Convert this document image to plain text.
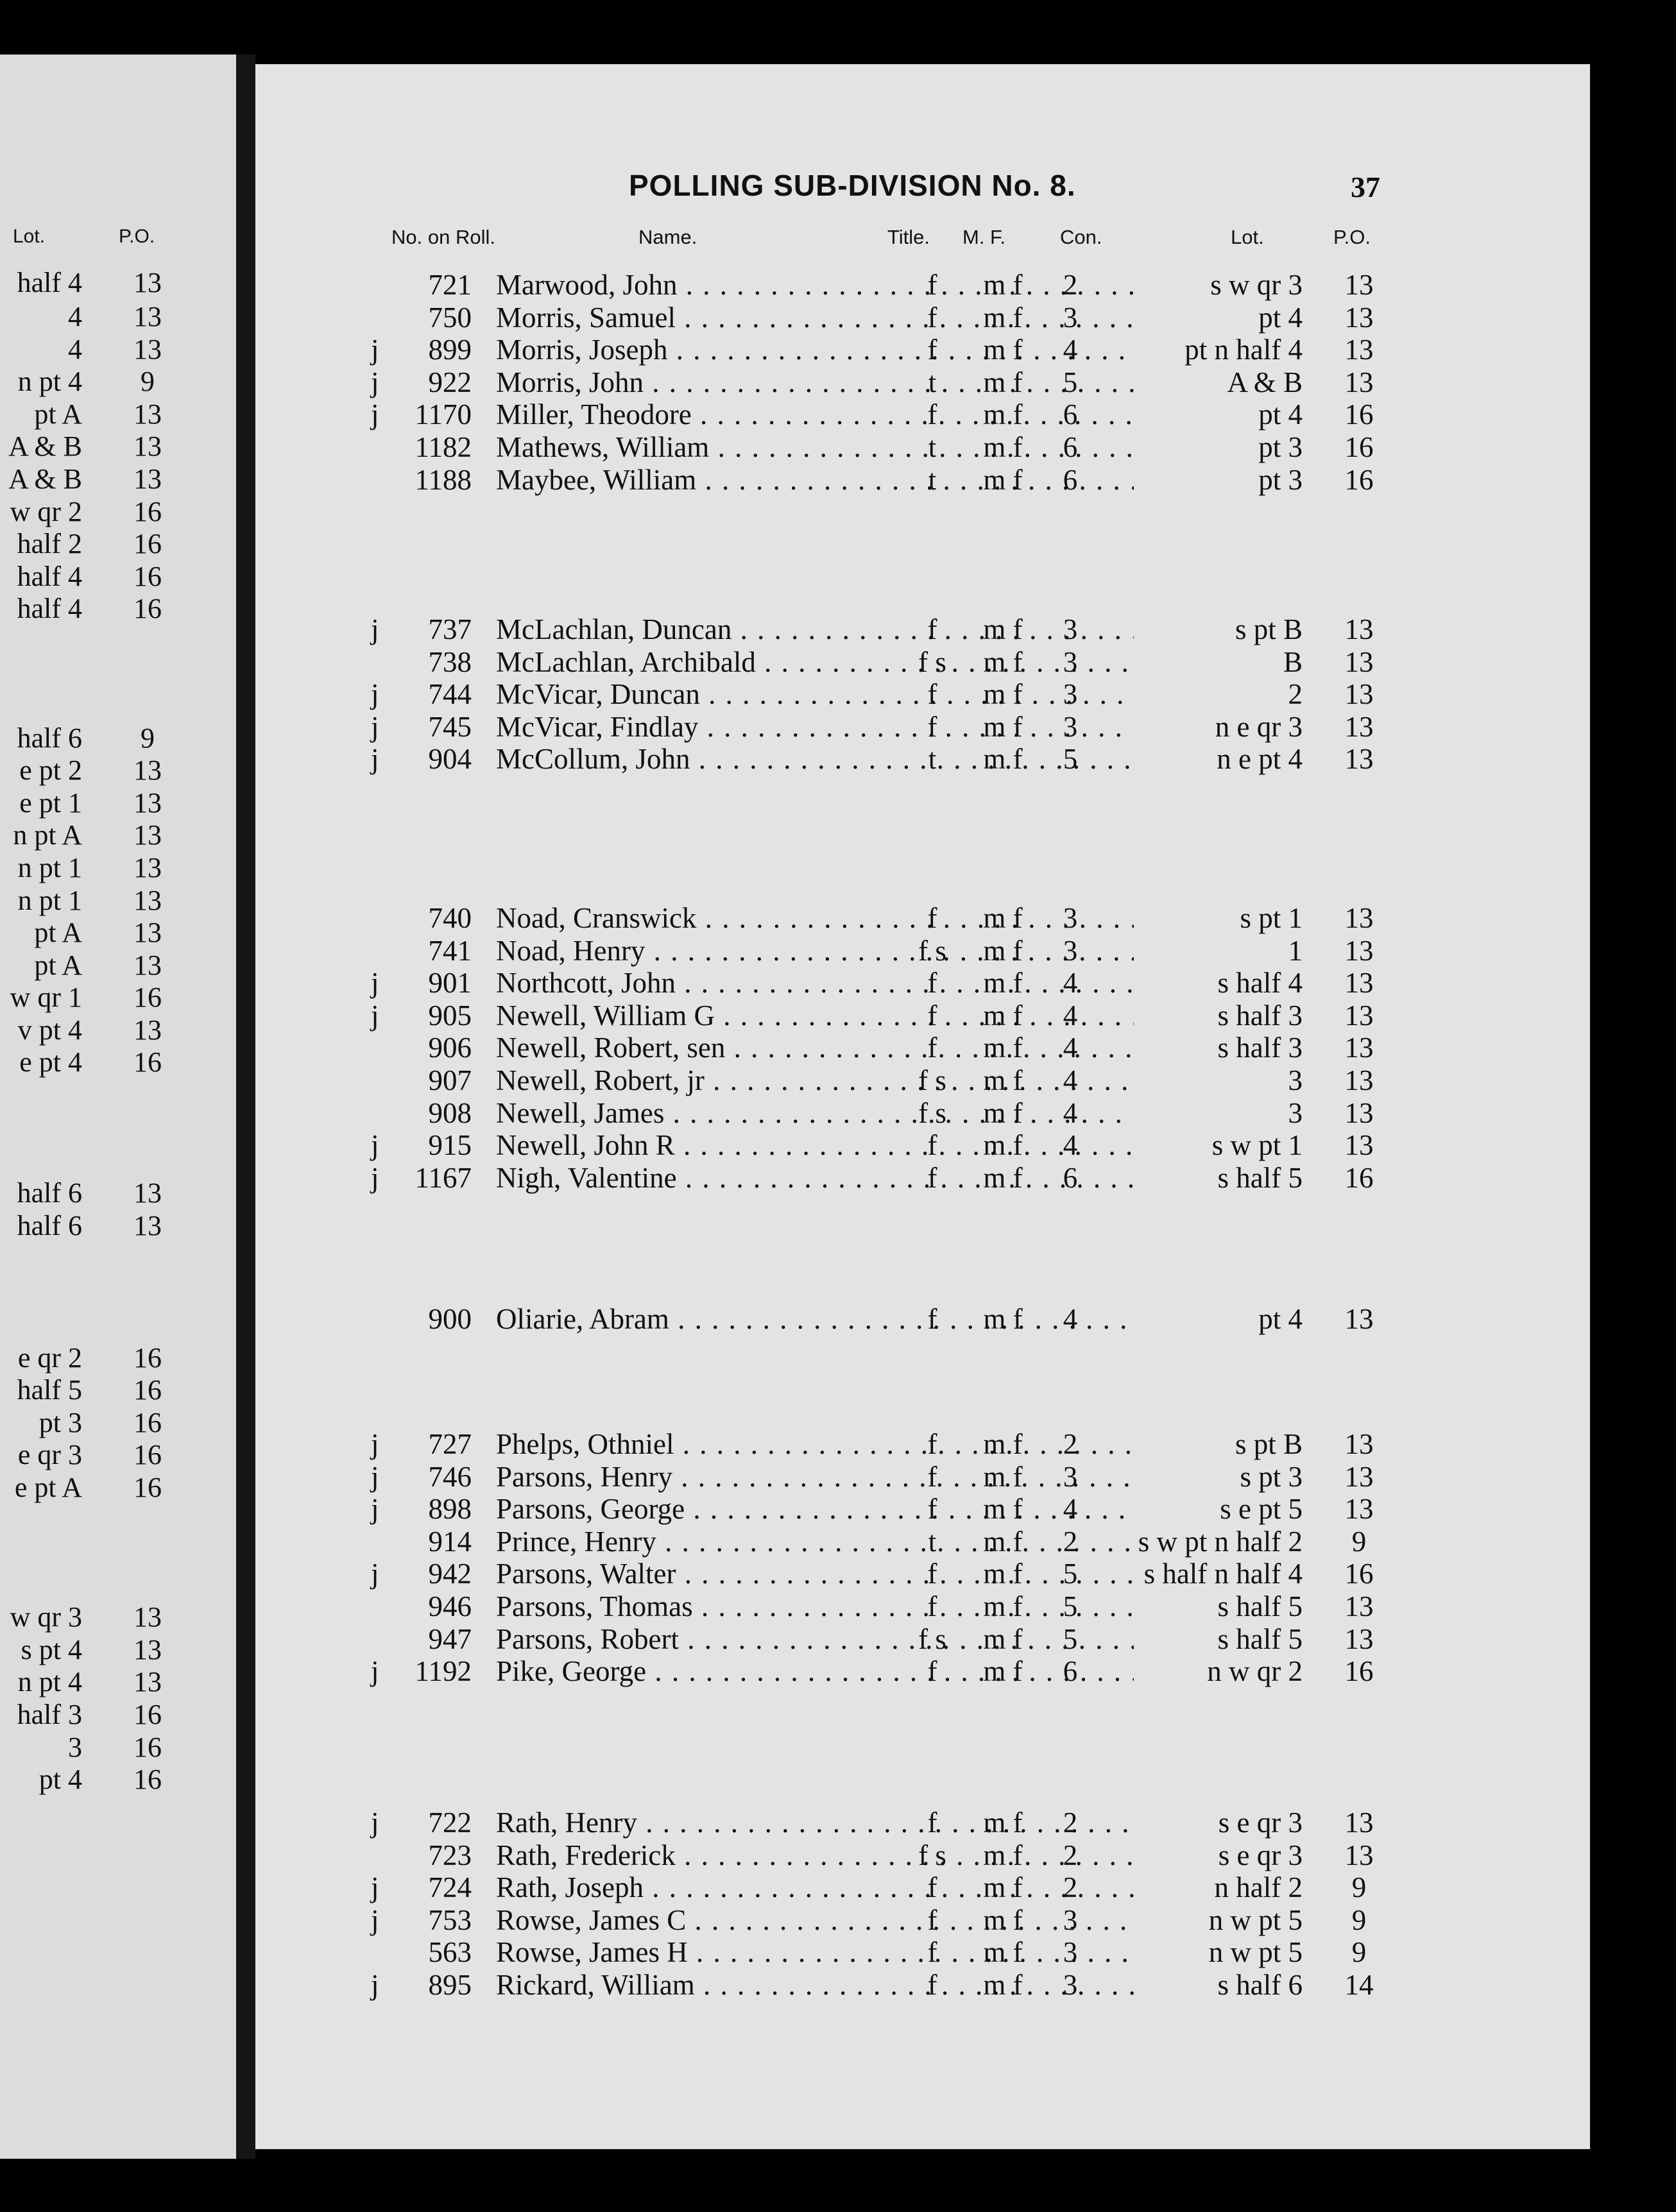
Lot.	P.O.
half 4 13
4 13
4 13
n pt 4	9
pt A 13
A & B 13
A & B 13
w qr 2 16
half 2 16
half 4 16
half 4 16
half 6	9
e pt 2 13
e pt 1 13
n pt A 13
n pt 1 13
n pt 1 13
pt A 13
pt A 13
w qr 1 16
v pt 4 13
e pt 4 16
half 6 13
half 6 13
e qr 2 16
half 5 16
pt 3 16
e qr 3 16
e pt A 16
w qr 3 13
s pt 4 13
n pt 4 13
half 3 16
3 16
pt 4 16
POLLING SUB-DIVISION No. 8.	37
No. on Roll.	Name.	Title. M. F.	Con.	Lot.	P.O.
721 Marwood, John . . .	f	m f	2	s w qr 3	13
750 Morris, Samuel . . .	f	m f	3	pt 4	13
j	899 Morris, Joseph . . .	f	m f	4	pt n half 4	13
j	922 Morris, John . . .	t	m f	5	A & B	13
j	1170 Miller, Theodore . . .	f	m f	6	pt 4	16
1182 Mathews, William . . .	t	m f	6	pt 3	16
1188 Maybee, William . . .	t	m f	6	pt 3	16
j	737 McLachlan, Duncan . . .	f	m f	3	s pt B	13
738 McLachlan, Archibald . . .	f s	m f	3	B	13
j	744 McVicar, Duncan . . .	f	m f	3	2	13
j	745 McVicar, Findlay . . .	f	m f	3	n e qr 3	13
j	904 McCollum, John . . .	t	m f	5	n e pt 4	13
740 Noad, Cranswick . . .	f	m f	3	s pt 1	13
741 Noad, Henry . . .	f s	m f	3	1	13
j	901 Northcott, John . . .	f	m f	4	s half 4	13
j	905 Newell, William G . . .	f	m f	4	s half 3	13
906 Newell, Robert, sen . . .	f	m f	4	s half 3	13
907 Newell, Robert, jr . . .	f s	m f	4	3	13
908 Newell, James . . .	f s	m f	4	3	13
j	915 Newell, John R . . .	f	m f	4	s w pt 1	13
j	1167 Nigh, Valentine . . .	f	m f	6	s half 5	16
900 Oliarie, Abram . . .	f	m f	4	pt 4	13
j	727 Phelps, Othniel . . .	f	m f	2	s pt B	13
j	746 Parsons, Henry . . .	f	m f	3	s pt 3	13
j	898 Parsons, George . . .	f	m f	4	s e pt 5	13
914 Prince, Henry . . .	t	m f	2	s w pt n half 2	9
j	942 Parsons, Walter . . .	f	m f	5	s half n half 4	16
946 Parsons, Thomas . . .	f	m f	5	s half 5	13
947 Parsons, Robert . . .	f s	m f	5	s half 5	13
j	1192 Pike, George . . .	f	m f	6	n w qr 2	16
j	722 Rath, Henry . . .	f	m f	2	s e qr 3	13
723 Rath, Frederick . . .	f s	m f	2	s e qr 3	13
j	724 Rath, Joseph . . .	f	m f	2	n half 2	9
j	753 Rowse, James C . . .	f	m f	3	n w pt 5	9
563 Rowse, James H . . .	f	m f	3	n w pt 5	9
j	895 Rickard, William . . .	f	m f	3	s half 6	14
